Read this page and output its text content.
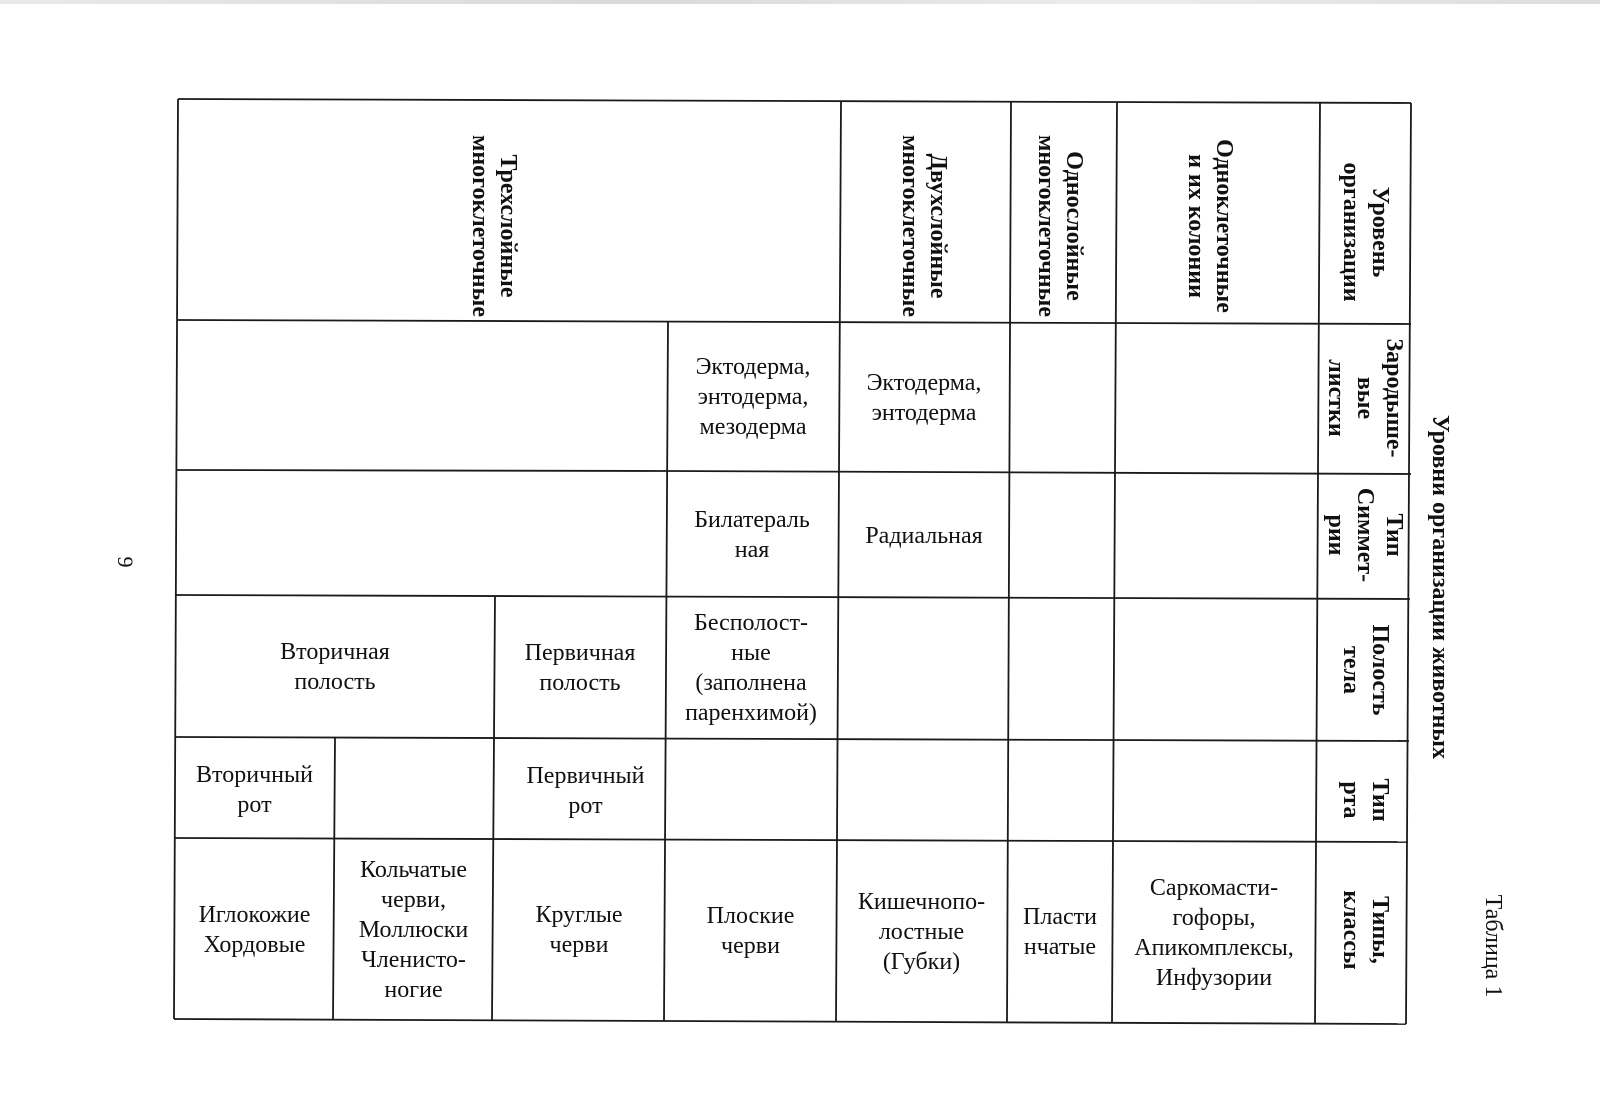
Уровни организации животных
Таблица 1
9
Уровень
организации
Зародыше-
вые
листки
Тип
Симмет-
рии
Полость
тела
Тип
рта
Типы,
классы
Одноклеточные
и их колонии
Однослойные
многоклеточные
Двухслойные
многоклеточные
Трехслойные
многоклеточные
Эктодерма,
энтодерма
Эктодерма,
энтодерма,
мезодерма
Радиальная
Билатераль
ная
Бесполост-
ные
(заполнена
паренхимой)
Первичная
полость
Вторичная
полость
Первичный
рот
Вторичный
рот
Саркомасти-
гофоры,
Апикомплексы,
Инфузории
Пласти
нчатые
Кишечнопо-
лостные
(Губки)
Плоские
черви
Круглые
черви
Кольчатые
черви,
Моллюски
Членисто-
ногие
Иглокожие
Хордовые
